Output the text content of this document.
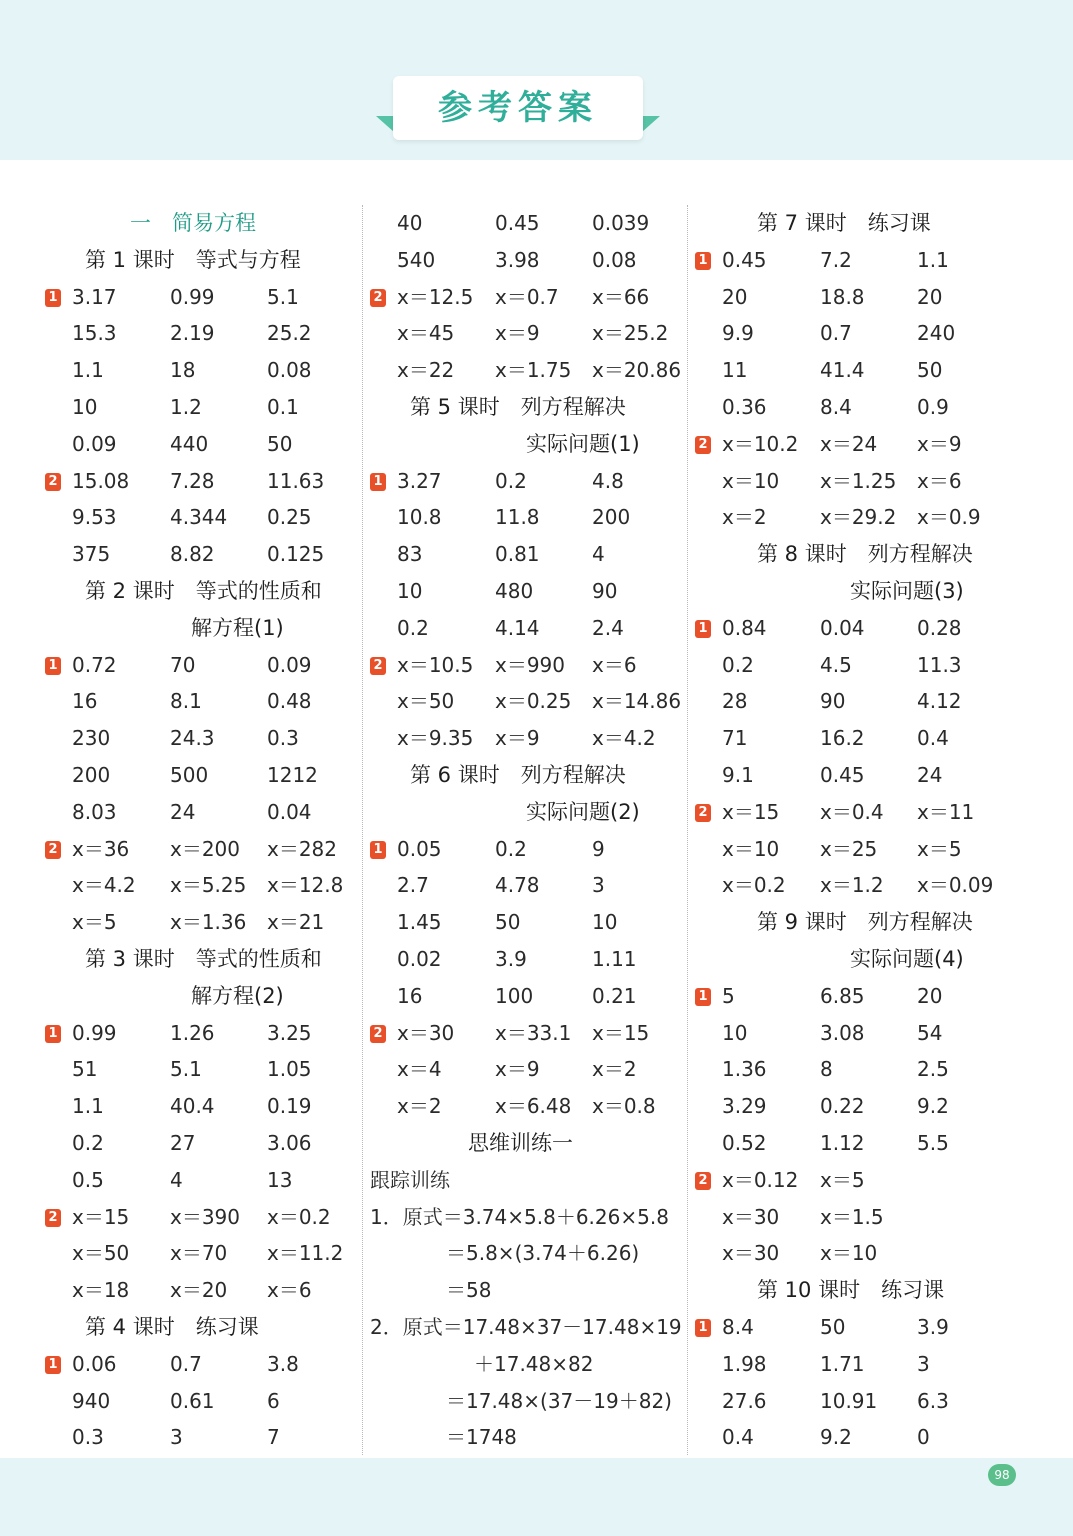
参考答案
一　简易方程
第 1 课时　等式与方程
1 3.17	0.99	5.1
15.3	2.19	25.2
1.1	18	0.08
10	1.2	0.1
0.09	440	50
2 15.08 7.28	11.63
9.53	4.344 0.25
375	8.82	0.125
第 2 课时　等式的性质和
解方程(1)
1 0.72	70	0.09
16	8.1	0.48
230	24.3	0.3
200	500	1212
8.03	24	0.04
2 x＝36 x＝200 x＝282
x＝4.2 x＝5.25 x＝12.8
x＝5	x＝1.36 x＝21
第 3 课时　等式的性质和
解方程(2)
1 0.99	1.26	3.25
51	5.1	1.05
1.1	40.4	0.19
0.2	27	3.06
0.5	4	13
2 x＝15 x＝390 x＝0.2
x＝50 x＝70 x＝11.2
x＝18 x＝20 x＝6
第 4 课时　练习课
1 0.06	0.7	3.8
940	0.61	6
0.3	3	7
40	0.45	0.039
540	3.98	0.08
2 x＝12.5 x＝0.7 x＝66
x＝45 x＝9	x＝25.2
x＝22 x＝1.75 x＝20.86
第 5 课时　列方程解决
实际问题(1)
1 3.27	0.2	4.8
10.8	11.8	200
83	0.81	4
10	480	90
0.2	4.14	2.4
2 x＝10.5 x＝990 x＝6
x＝50 x＝0.25 x＝14.86
x＝9.35 x＝9	x＝4.2
第 6 课时　列方程解决
实际问题(2)
1 0.05	0.2	9
2.7	4.78	3
1.45	50	10
0.02	3.9	1.11
16	100	0.21
2 x＝30 x＝33.1 x＝15
x＝4	x＝9	x＝2
x＝2	x＝6.48 x＝0.8
思维训练一
跟踪训练
1．原式＝3.74×5.8＋6.26×5.8
＝5.8×(3.74＋6.26)
＝58
2．原式＝17.48×37－17.48×19
＋17.48×82
＝17.48×(37－19＋82)
＝1748
第 7 课时　练习课
1 0.45	7.2	1.1
20	18.8	20
9.9	0.7	240
11	41.4	50
0.36	8.4	0.9
2 x＝10.2 x＝24 x＝9
x＝10 x＝1.25 x＝6
x＝2	x＝29.2 x＝0.9
第 8 课时　列方程解决
实际问题(3)
1 0.84	0.04	0.28
0.2	4.5	11.3
28	90	4.12
71	16.2	0.4
9.1	0.45	24
2 x＝15 x＝0.4 x＝11
x＝10 x＝25 x＝5
x＝0.2 x＝1.2 x＝0.09
第 9 课时　列方程解决
实际问题(4)
1 5	6.85	20
10	3.08	54
1.36	8	2.5
3.29	0.22	9.2
0.52	1.12	5.5
2 x＝0.12 x＝5
x＝30 x＝1.5
x＝30 x＝10
第 10 课时　练习课
1 8.4	50	3.9
1.98	1.71	3
27.6	10.91 6.3
0.4	9.2	0
98
